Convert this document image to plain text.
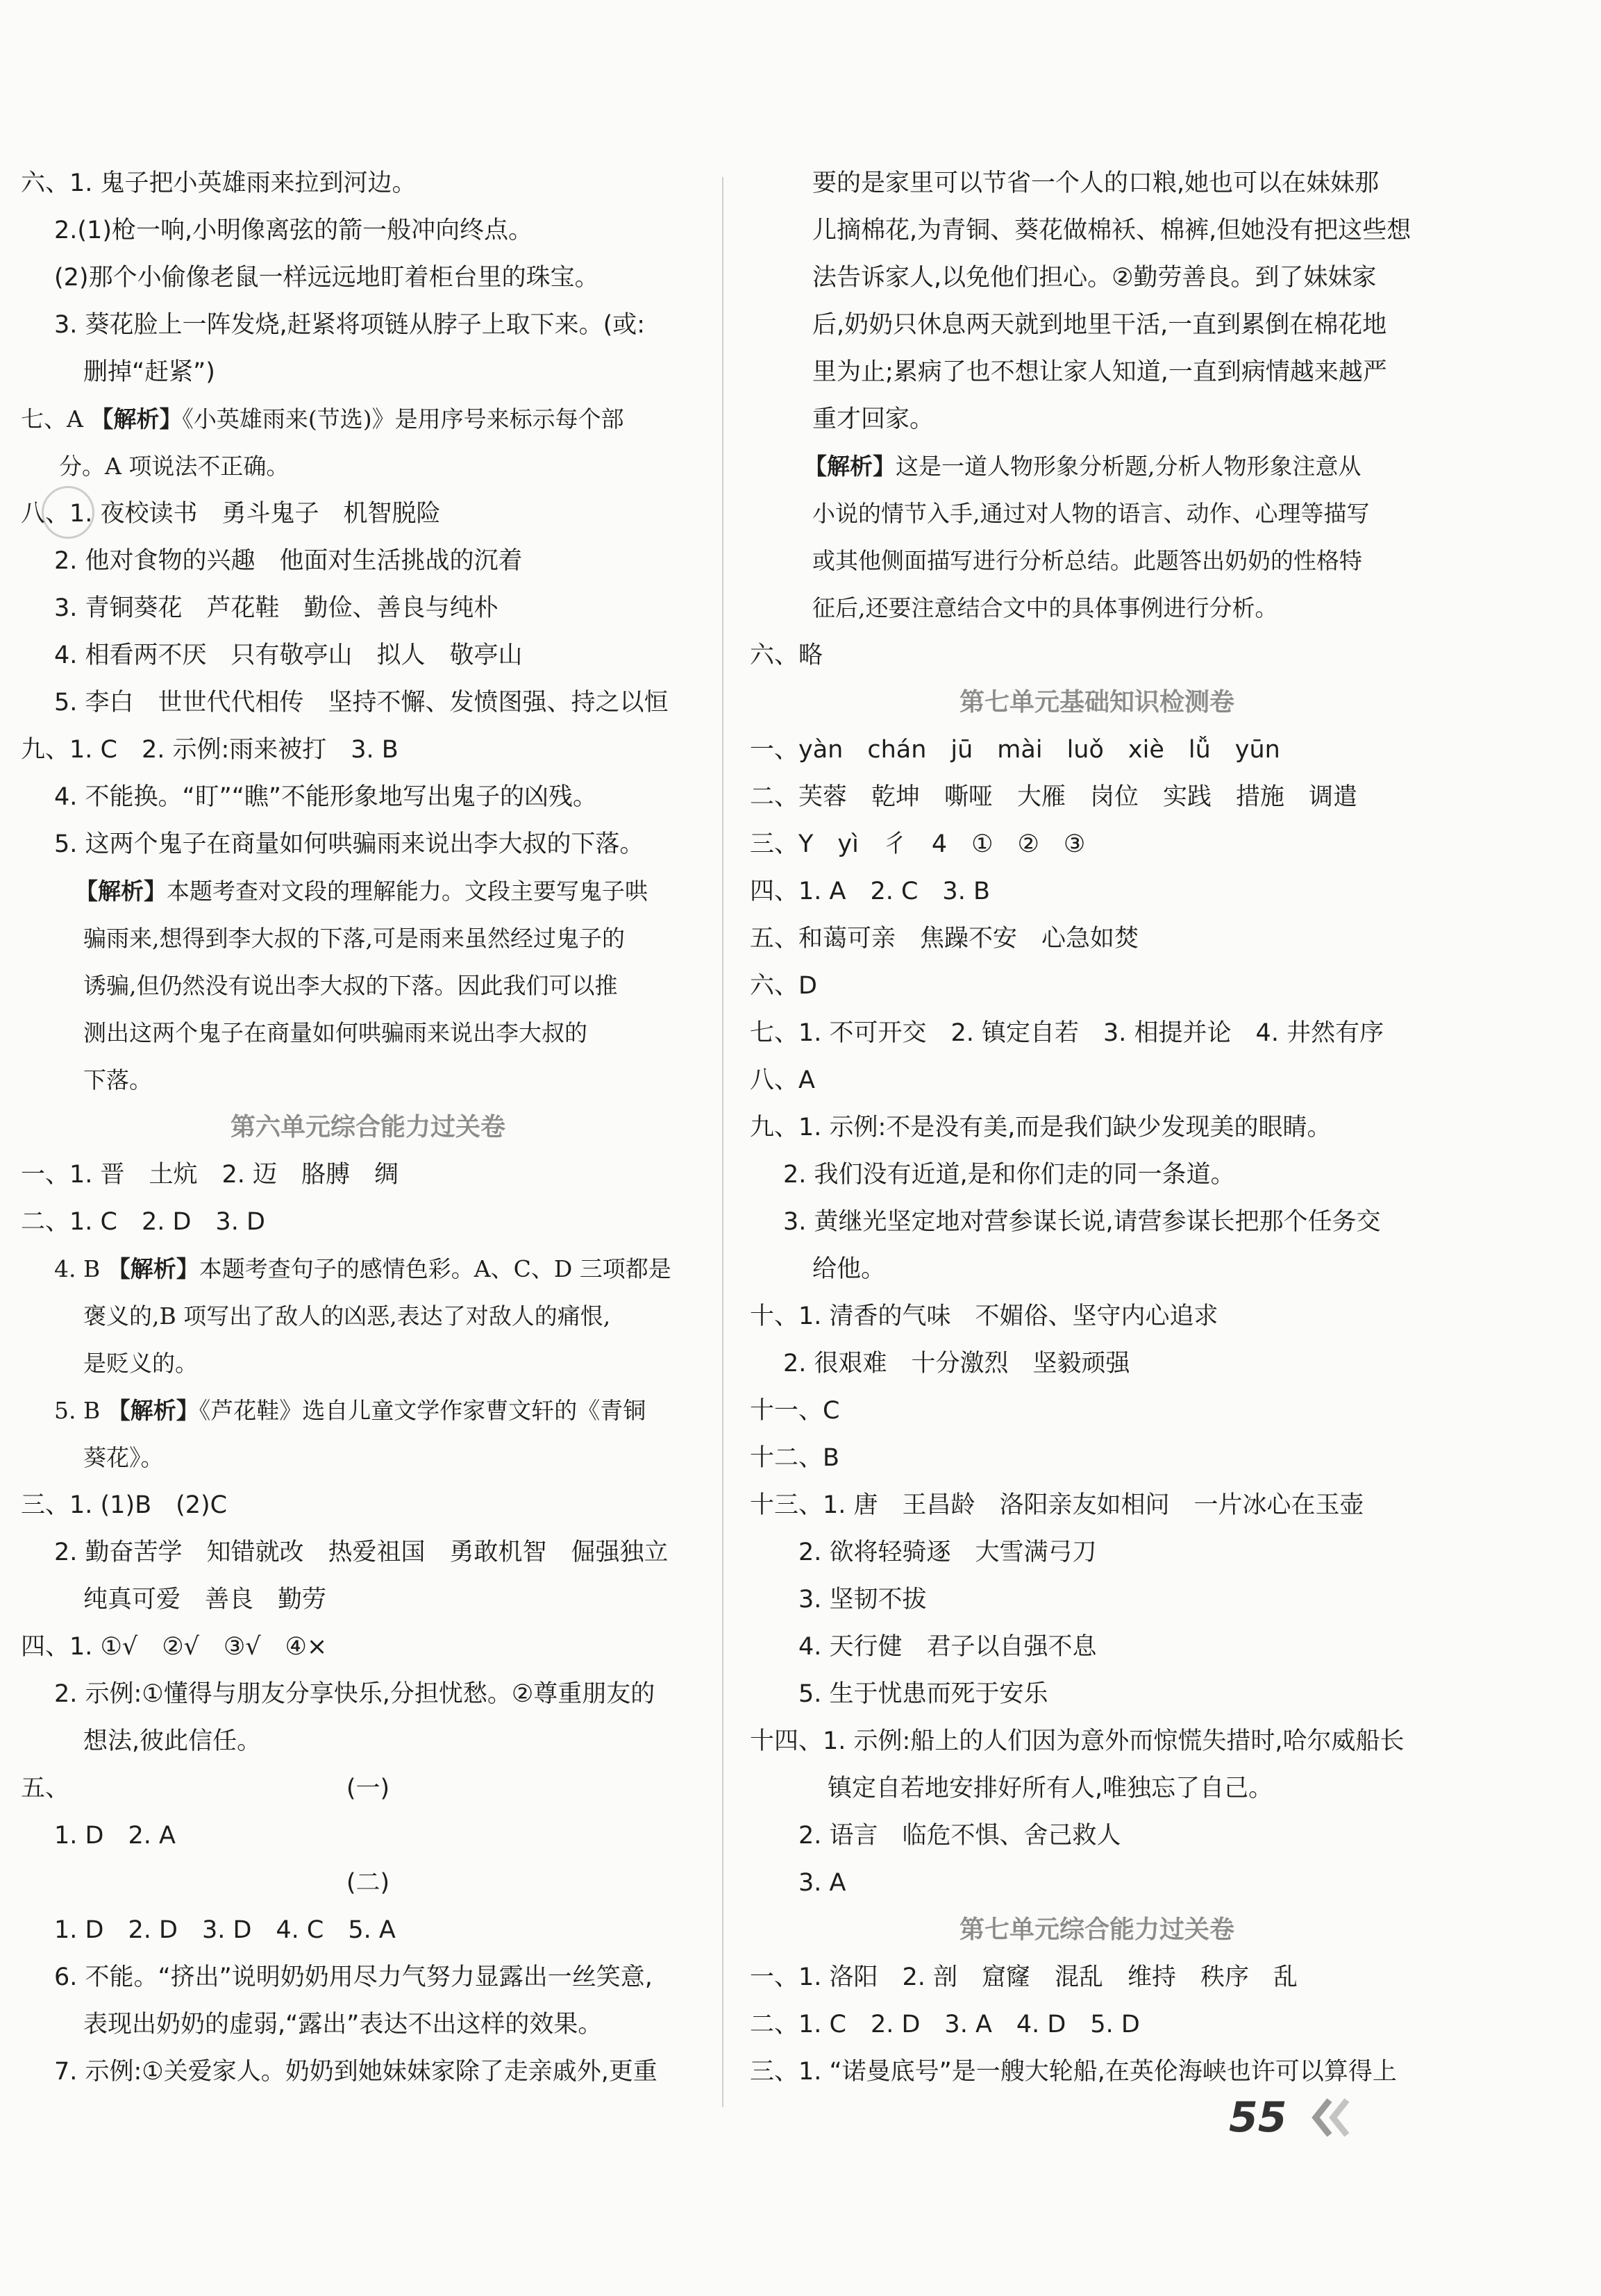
六、1. 鬼子把小英雄雨来拉到河边。
2.(1)枪一响,小明像离弦的箭一般冲向终点。
(2)那个小偷像老鼠一样远远地盯着柜台里的珠宝。
3. 葵花脸上一阵发烧,赶紧将项链从脖子上取下来。(或:
删掉“赶紧”)
七、A 【解析】《小英雄雨来(节选)》是用序号来标示每个部
分。A 项说法不正确。
八、1. 夜校读书　勇斗鬼子　机智脱险
2. 他对食物的兴趣　他面对生活挑战的沉着
3. 青铜葵花　芦花鞋　勤俭、善良与纯朴
4. 相看两不厌　只有敬亭山　拟人　敬亭山
5. 李白　世世代代相传　坚持不懈、发愤图强、持之以恒
九、1. C　2. 示例:雨来被打　3. B
4. 不能换。“盯”“瞧”不能形象地写出鬼子的凶残。
5. 这两个鬼子在商量如何哄骗雨来说出李大叔的下落。
【解析】本题考查对文段的理解能力。文段主要写鬼子哄
骗雨来,想得到李大叔的下落,可是雨来虽然经过鬼子的
诱骗,但仍然没有说出李大叔的下落。因此我们可以推
测出这两个鬼子在商量如何哄骗雨来说出李大叔的
下落。
第六单元综合能力过关卷
一、1. 晋　土炕　2. 迈　胳膊　绸
二、1. C　2. D　3. D
4. B 【解析】本题考查句子的感情色彩。A、C、D 三项都是
褒义的,B 项写出了敌人的凶恶,表达了对敌人的痛恨,
是贬义的。
5. B 【解析】《芦花鞋》选自儿童文学作家曹文轩的《青铜
葵花》。
三、1. (1)B　(2)C
2. 勤奋苦学　知错就改　热爱祖国　勇敢机智　倔强独立
纯真可爱　善良　勤劳
四、1. ①√　②√　③√　④×
2. 示例:①懂得与朋友分享快乐,分担忧愁。②尊重朋友的
想法,彼此信任。
五、	(一)
1. D　2. A
(二)
1. D　2. D　3. D　4. C　5. A
6. 不能。“挤出”说明奶奶用尽力气努力显露出一丝笑意,
表现出奶奶的虚弱,“露出”表达不出这样的效果。
7. 示例:①关爱家人。奶奶到她妹妹家除了走亲戚外,更重
要的是家里可以节省一个人的口粮,她也可以在妹妹那
儿摘棉花,为青铜、葵花做棉袄、棉裤,但她没有把这些想
法告诉家人,以免他们担心。②勤劳善良。到了妹妹家
后,奶奶只休息两天就到地里干活,一直到累倒在棉花地
里为止;累病了也不想让家人知道,一直到病情越来越严
重才回家。
【解析】这是一道人物形象分析题,分析人物形象注意从
小说的情节入手,通过对人物的语言、动作、心理等描写
或其他侧面描写进行分析总结。此题答出奶奶的性格特
征后,还要注意结合文中的具体事例进行分析。
六、略
第七单元基础知识检测卷
一、yàn　chán　jū　mài　luǒ　xiè　lǚ　yūn
二、芙蓉　乾坤　嘶哑　大雁　岗位　实践　措施　调遣
三、Y　yì　彳　4　①　②　③
四、1. A　2. C　3. B
五、和蔼可亲　焦躁不安　心急如焚
六、D
七、1. 不可开交　2. 镇定自若　3. 相提并论　4. 井然有序
八、A
九、1. 示例:不是没有美,而是我们缺少发现美的眼睛。
2. 我们没有近道,是和你们走的同一条道。
3. 黄继光坚定地对营参谋长说,请营参谋长把那个任务交
给他。
十、1. 清香的气味　不媚俗、坚守内心追求
2. 很艰难　十分激烈　坚毅顽强
十一、C
十二、B
十三、1. 唐　王昌龄　洛阳亲友如相问　一片冰心在玉壶
2. 欲将轻骑逐　大雪满弓刀
3. 坚韧不拔
4. 天行健　君子以自强不息
5. 生于忧患而死于安乐
十四、1. 示例:船上的人们因为意外而惊慌失措时,哈尔威船长
镇定自若地安排好所有人,唯独忘了自己。
2. 语言　临危不惧、舍己救人
3. A
第七单元综合能力过关卷
一、1. 洛阳　2. 剖　窟窿　混乱　维持　秩序　乱
二、1. C　2. D　3. A　4. D　5. D
三、1. “诺曼底号”是一艘大轮船,在英伦海峡也许可以算得上
55
